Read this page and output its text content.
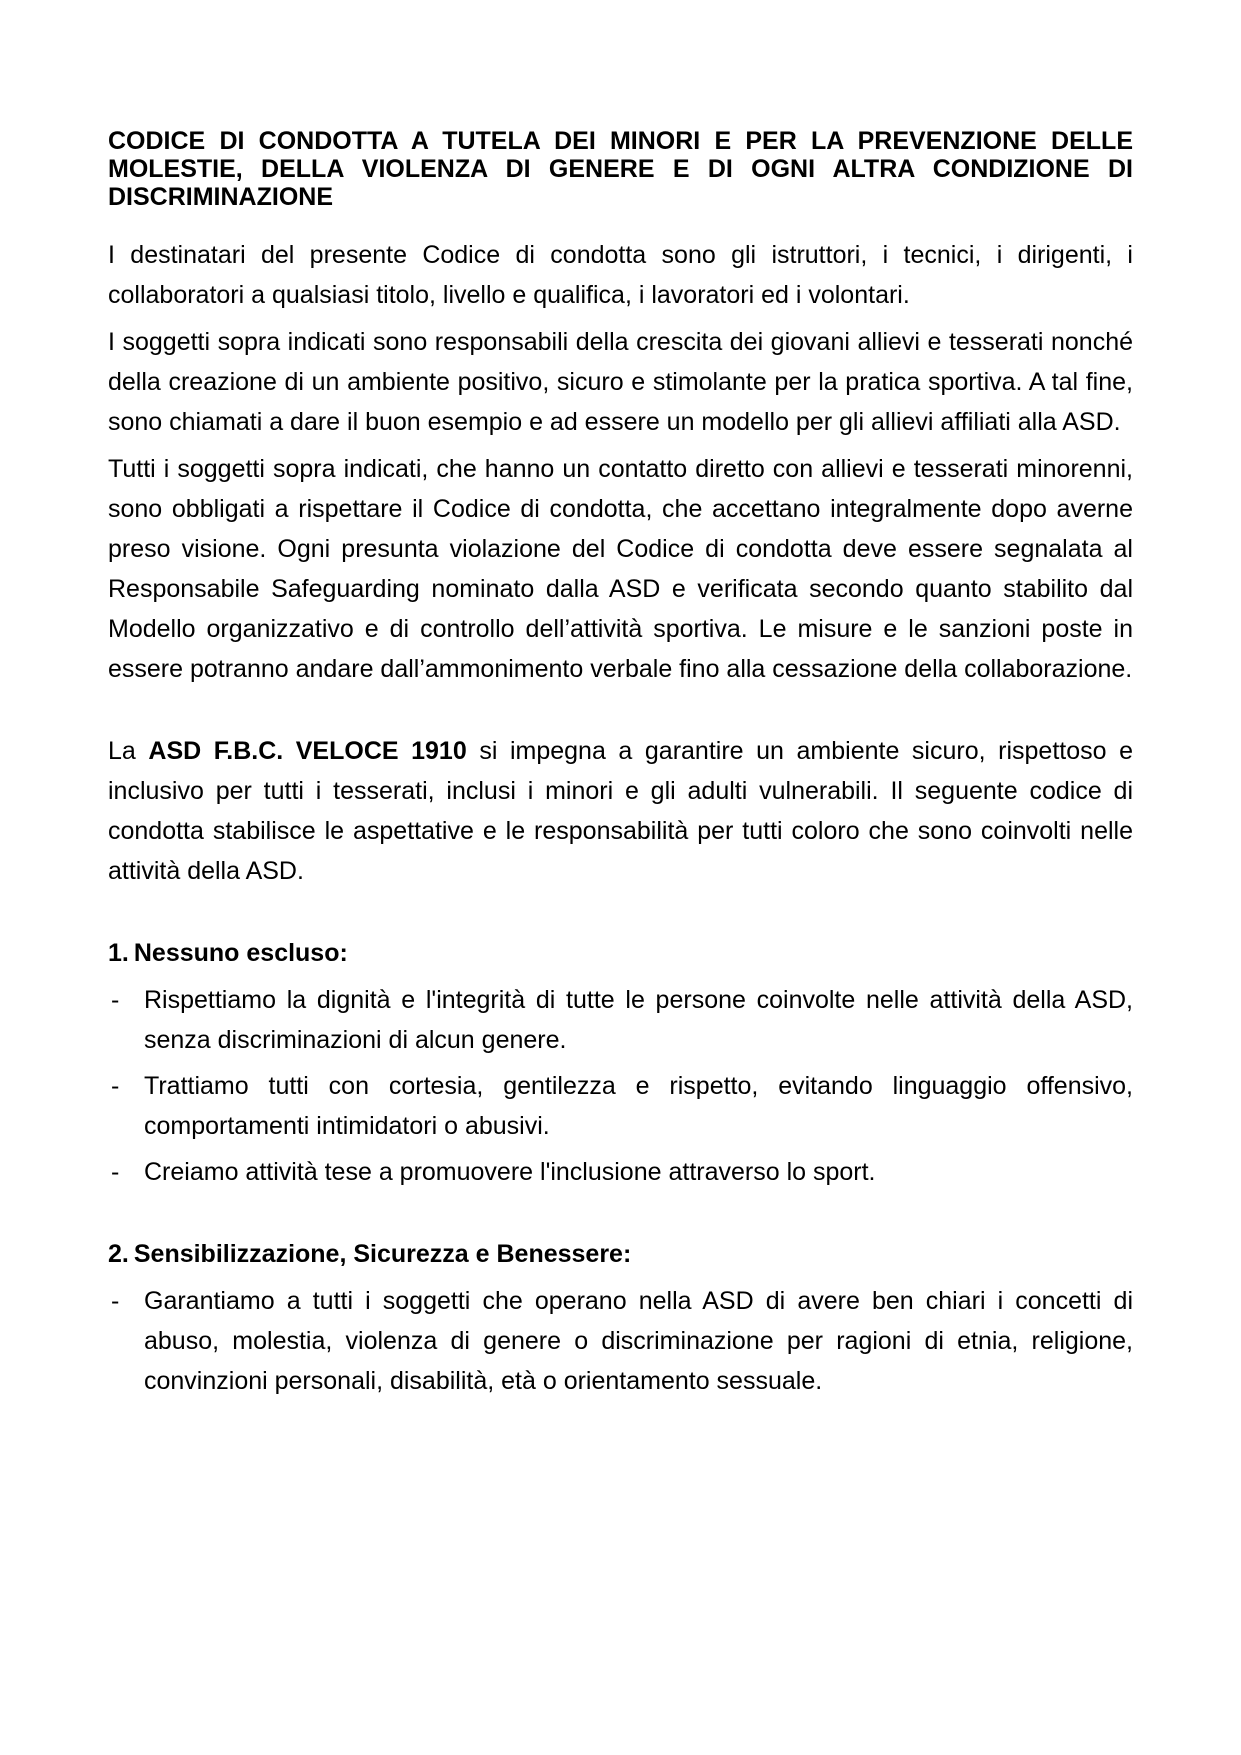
CODICE DI CONDOTTA A TUTELA DEI MINORI E PER LA PREVENZIONE DELLE MOLESTIE, DELLA VIOLENZA DI GENERE E DI OGNI ALTRA CONDIZIONE DI DISCRIMINAZIONE

I destinatari del presente Codice di condotta sono gli istruttori, i tecnici, i dirigenti, i collaboratori a qualsiasi titolo, livello e qualifica, i lavoratori ed i volontari.

I soggetti sopra indicati sono responsabili della crescita dei giovani allievi e tesserati nonché della creazione di un ambiente positivo, sicuro e stimolante per la pratica sportiva. A tal fine, sono chiamati a dare il buon esempio e ad essere un modello per gli allievi affiliati alla ASD.

Tutti i soggetti sopra indicati, che hanno un contatto diretto con allievi e tesserati minorenni, sono obbligati a rispettare il Codice di condotta, che accettano integralmente dopo averne preso visione. Ogni presunta violazione del Codice di condotta deve essere segnalata al Responsabile Safeguarding nominato dalla ASD e verificata secondo quanto stabilito dal Modello organizzativo e di controllo dell’attività sportiva. Le misure e le sanzioni poste in essere potranno andare dall’ammonimento verbale fino alla cessazione della collaborazione.

La ASD F.B.C. VELOCE 1910 si impegna a garantire un ambiente sicuro, rispettoso e inclusivo per tutti i tesserati, inclusi i minori e gli adulti vulnerabili. Il seguente codice di condotta stabilisce le aspettative e le responsabilità per tutti coloro che sono coinvolti nelle attività della ASD.

1. Nessuno escluso:

- Rispettiamo la dignità e l'integrità di tutte le persone coinvolte nelle attività della ASD, senza discriminazioni di alcun genere.
- Trattiamo tutti con cortesia, gentilezza e rispetto, evitando linguaggio offensivo, comportamenti intimidatori o abusivi.
- Creiamo attività tese a promuovere l'inclusione attraverso lo sport.

2. Sensibilizzazione, Sicurezza e Benessere:

- Garantiamo a tutti i soggetti che operano nella ASD di avere ben chiari i concetti di abuso, molestia, violenza di genere o discriminazione per ragioni di etnia, religione, convinzioni personali, disabilità, età o orientamento sessuale.
